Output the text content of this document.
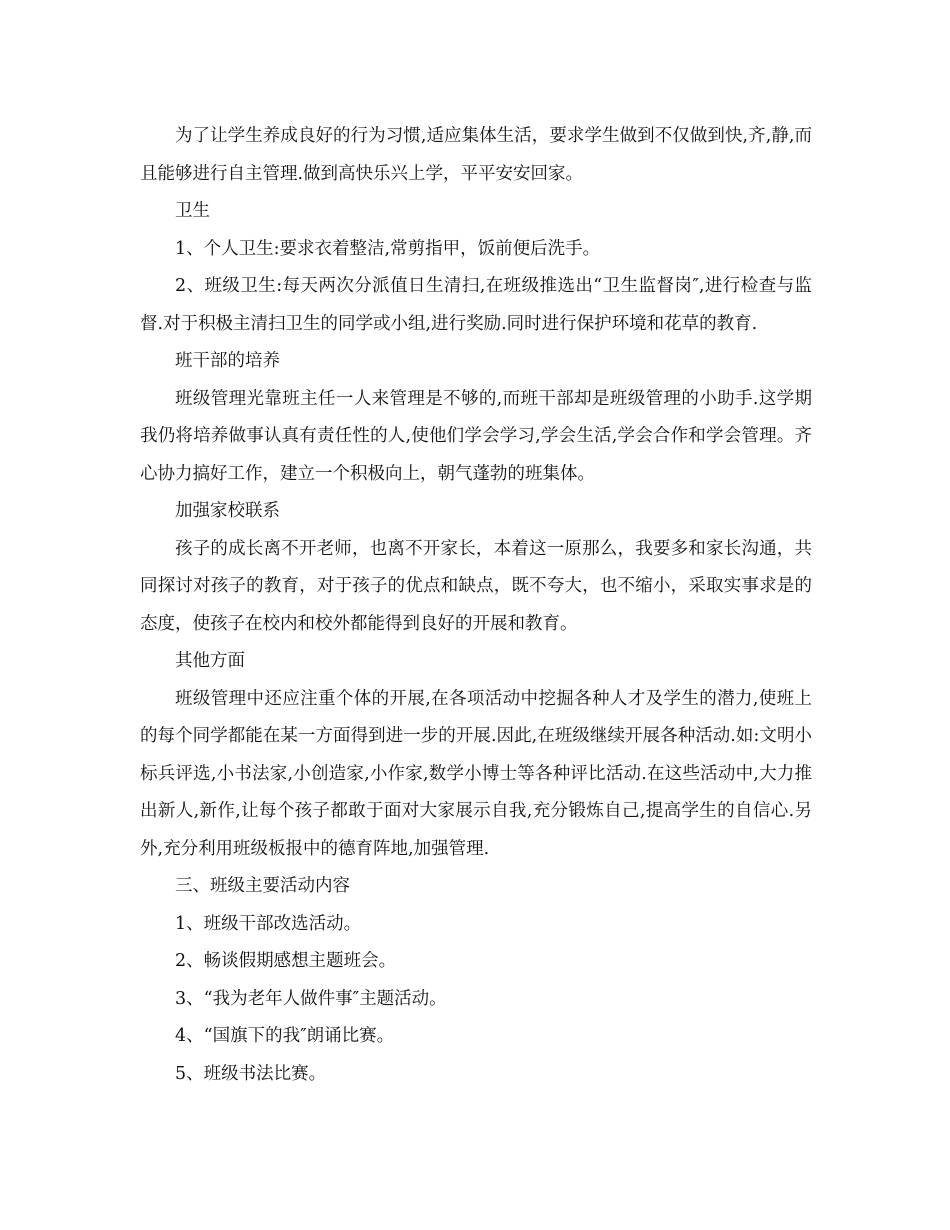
为了让学生养成良好的行为习惯,适应集体生活，要求学生做到不仅做到快,齐,静,而且能够进行自主管理.做到高快乐兴上学，平平安安回家。

卫生

1、个人卫生:要求衣着整洁,常剪指甲，饭前便后洗手。

2、班级卫生:每天两次分派值日生清扫,在班级推选出“卫生监督岗″,进行检查与监督.对于积极主清扫卫生的同学或小组,进行奖励.同时进行保护环境和花草的教育.

班干部的培养

班级管理光靠班主任一人来管理是不够的,而班干部却是班级管理的小助手.这学期我仍将培养做事认真有责任性的人,使他们学会学习,学会生活,学会合作和学会管理。齐心协力搞好工作，建立一个积极向上，朝气蓬勃的班集体。

加强家校联系

孩子的成长离不开老师，也离不开家长，本着这一原那么，我要多和家长沟通，共同探讨对孩子的教育，对于孩子的优点和缺点，既不夸大，也不缩小，采取实事求是的态度，使孩子在校内和校外都能得到良好的开展和教育。

其他方面

班级管理中还应注重个体的开展,在各项活动中挖掘各种人才及学生的潜力,使班上的每个同学都能在某一方面得到进一步的开展.因此,在班级继续开展各种活动.如:文明小标兵评选,小书法家,小创造家,小作家,数学小博士等各种评比活动.在这些活动中,大力推出新人,新作,让每个孩子都敢于面对大家展示自我,充分锻炼自己,提高学生的自信心.另外,充分利用班级板报中的德育阵地,加强管理.

三、班级主要活动内容

1、班级干部改选活动。

2、畅谈假期感想主题班会。

3、“我为老年人做件事″主题活动。

4、“国旗下的我″朗诵比赛。

5、班级书法比赛。
